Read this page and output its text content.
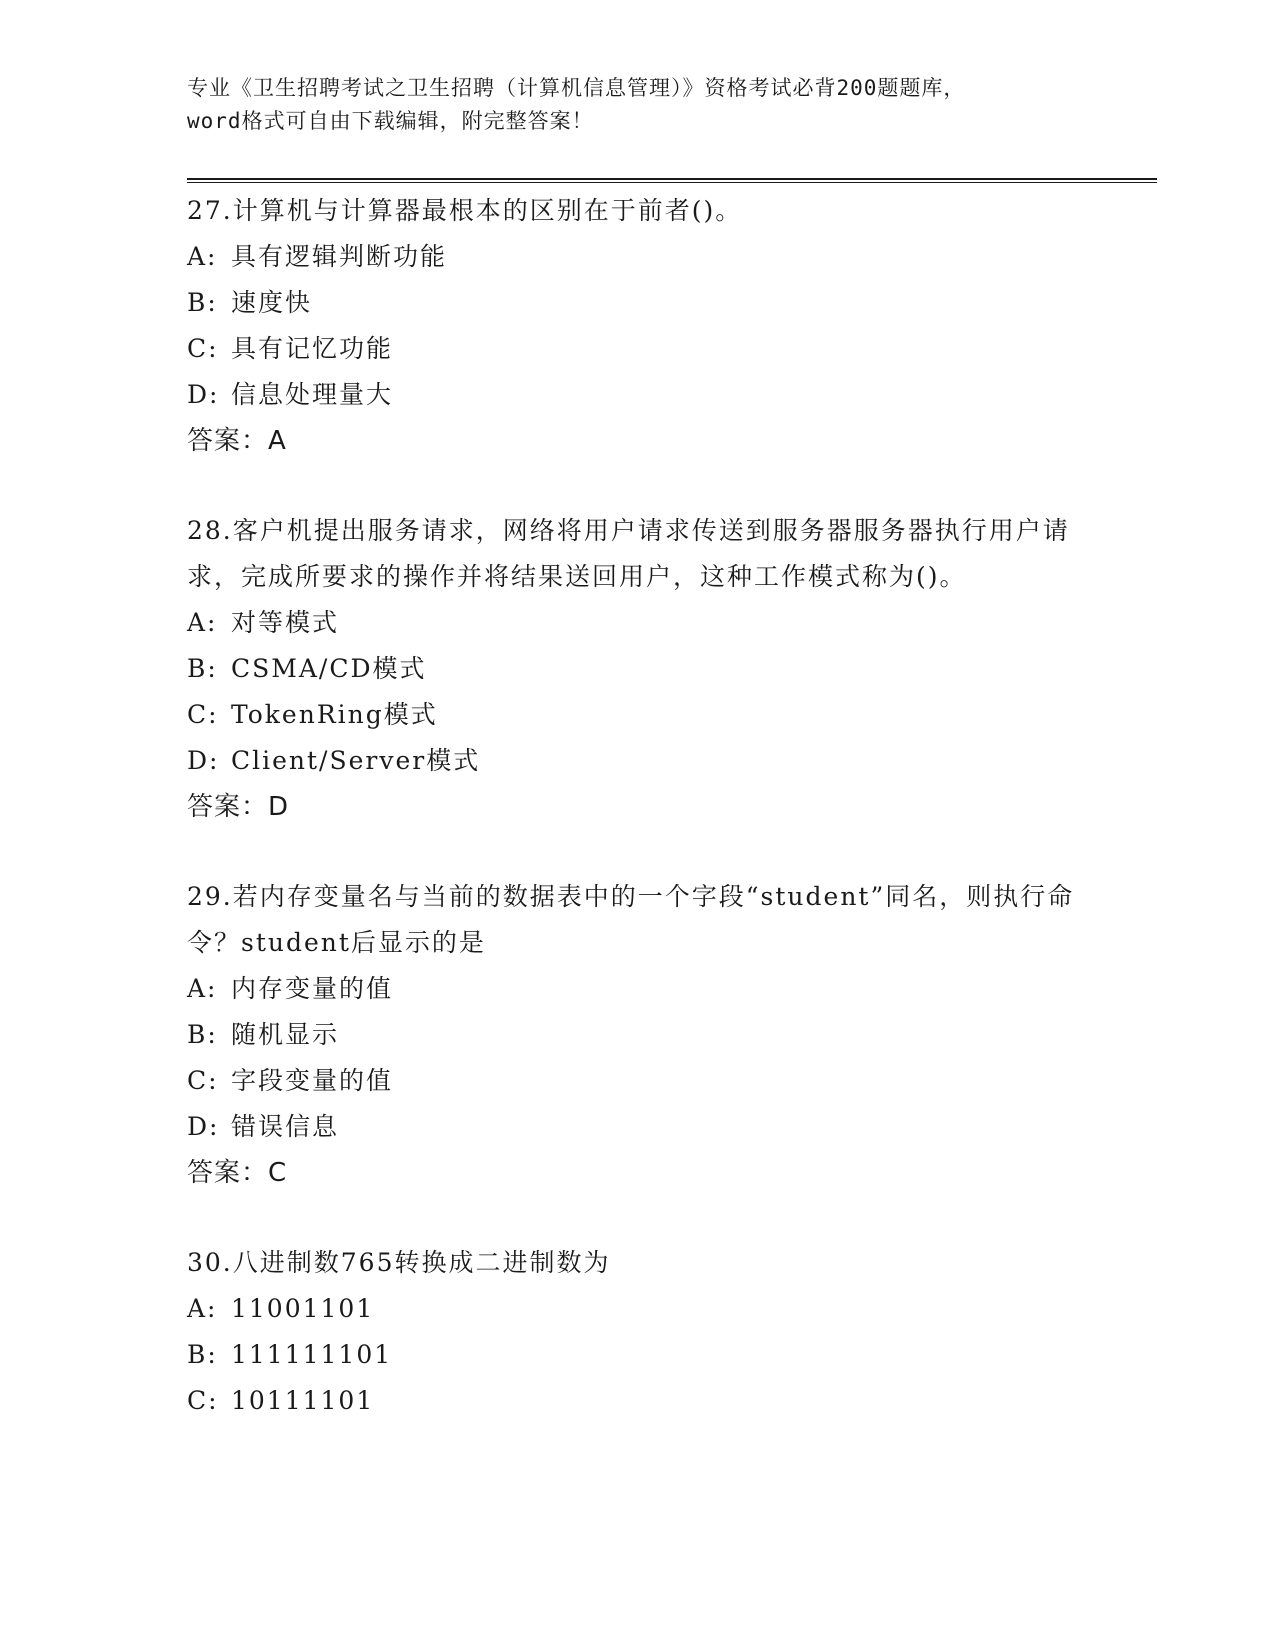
专业《卫生招聘考试之卫生招聘（计算机信息管理）》资格考试必背200题题库，
word格式可自由下载编辑，附完整答案！
27.计算机与计算器最根本的区别在于前者()。
A: 具有逻辑判断功能
B: 速度快
C: 具有记忆功能
D: 信息处理量大
答案：A
28.客户机提出服务请求，网络将用户请求传送到服务器服务器执行用户请求，完成所要求的操作并将结果送回用户，这种工作模式称为()。
A: 对等模式
B: CSMA/CD模式
C: TokenRing模式
D: Client/Server模式
答案：D
29.若内存变量名与当前的数据表中的一个字段“student”同名，则执行命令？student后显示的是
A: 内存变量的值
B: 随机显示
C: 字段变量的值
D: 错误信息
答案：C
30.八进制数765转换成二进制数为
A: 11001101
B: 111111101
C: 10111101
